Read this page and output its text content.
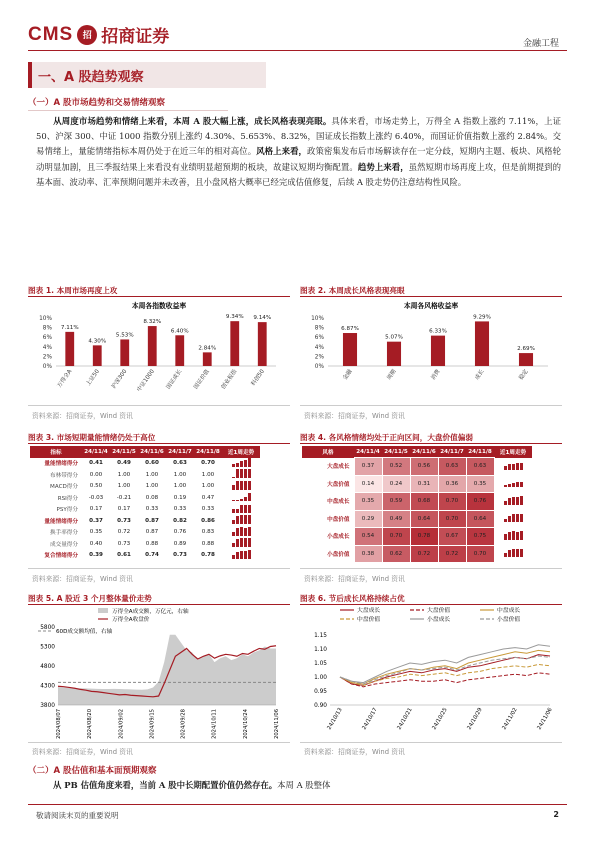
CMS	招 招商证券	金融工程
一、A 股趋势观察
（一）A 股市场趋势和交易情绪观察
从周度市场趋势和情绪上来看，本周 A 股大幅上涨，成长风格表现亮眼。具体来看，市场走势上，万得全 A 指数上涨约 7.11%，上证 50、沪深 300、中证 1000 指数分别上涨约 4.30%、5.653%、8.32%，国证成长指数上涨约 6.40%，而国证价值指数上涨约 2.84%。交易情绪上，量能情绪指标本周仍处于在近三年的相对高位。风格上来看，政策密集发布后市场解读存在一定分歧，短期内主题、板块、风格轮动明显加剧，且三季报结果上来看没有业绩明显超预期的板块，故建议短期均衡配置。趋势上来看，虽然短期市场再度上攻，但是前期提到的基本面、波动率、汇率预期问题并未改善，且小盘风格大概率已经完成估值修复，后续 A 股走势仍注意结构性风险。
图表 1. 本周市场再度上攻
本周各指数收益率
0%
2%
4%
6%
8%
10%
7.11%
万得全A
4.30%
上证50
5.53%
沪深300
8.32%
中证1000
6.40%
国证成长
2.84%
国证价值
9.34%
创业板指
9.14%
科创50
资料来源：招商证券，Wind 资讯
图表 2. 本周成长风格表现亮眼
本周各风格收益率
0%
2%
4%
6%
8%
10%
6.87%
金融
5.07%
周期
6.33%
消费
9.29%
成长
2.69%
稳定
资料来源：招商证券，Wind 资讯
图表 3. 市场短期量能情绪仍处于高位
指标	24/11/4	24/11/5	24/11/6	24/11/7	24/11/8	近1周走势
量能情绪得分	0.41	0.49	0.60	0.63	0.70	

布林带得分	0.00	1.00	1.00	1.00	1.00	

MACD得分	0.50	1.00	1.00	1.00	1.00	

RSI得分	-0.03	-0.21	0.08	0.19	0.47	

PSY得分	0.17	0.17	0.33	0.33	0.33	

量能情绪得分	0.37	0.73	0.87	0.82	0.86	

换手率得分	0.35	0.72	0.87	0.76	0.83	

成交量得分	0.40	0.73	0.88	0.89	0.88	

复合情绪得分	0.39	0.61	0.74	0.73	0.78	
资料来源：招商证券，Wind 资讯
图表 4. 各风格情绪均处于正向区间，大盘价值偏弱
风格	24/11/4	24/11/5	24/11/6	24/11/7	24/11/8	近1周走势
大盘成长	0.37	0.52	0.56	0.63	0.63	

大盘价值	0.14	0.24	0.31	0.36	0.35	

中盘成长	0.35	0.59	0.68	0.70	0.76	

中盘价值	0.29	0.49	0.64	0.70	0.64	

小盘成长	0.54	0.70	0.78	0.67	0.75	

小盘价值	0.38	0.62	0.72	0.72	0.70	
资料来源：招商证券，Wind 资讯
图表 5. A 股近 3 个月整体量价走势
万得全A成交额，万亿元，右轴
万得全A收盘价
60D成交额均值，右轴
3800
4300
4800
5300
5800
2024/08/07	2024/08/20	2024/09/02	2024/09/15	2024/09/28	2024/10/11	2024/10/24	2024/11/06
资料来源：招商证券，Wind 资讯
图表 6. 节后成长风格持续占优
大盘成长	大盘价值	中盘成长
中盘价值	小盘成长	小盘价值
0.90
0.95
1.00
1.05
1.10
1.15
24/10/13	24/10/17	24/10/21	24/10/25	24/10/29	24/11/02	24/11/06
资料来源：招商证券，Wind 资讯
（二）A 股估值和基本面预期观察
从 PB 估值角度来看，当前 A 股中长期配置价值仍然存在。本周 A 股整体
敬请阅读末页的重要说明	2
